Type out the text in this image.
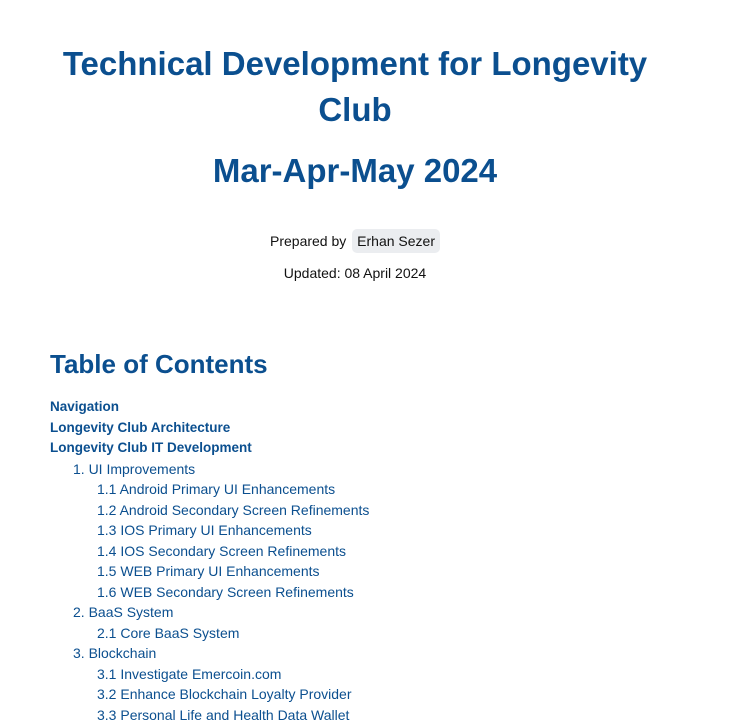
Technical Development for Longevity Club
Mar-Apr-May 2024
Prepared by Erhan Sezer
Updated: 08 April 2024
Table of Contents
Navigation
Longevity Club Architecture
Longevity Club IT Development
1. UI Improvements
1.1 Android Primary UI Enhancements
1.2 Android Secondary Screen Refinements
1.3 IOS Primary UI Enhancements
1.4 IOS Secondary Screen Refinements
1.5 WEB Primary UI Enhancements
1.6 WEB Secondary Screen Refinements
2. BaaS System
2.1 Core BaaS System
3. Blockchain
3.1 Investigate Emercoin.com
3.2 Enhance Blockchain Loyalty Provider
3.3 Personal Life and Health Data Wallet
